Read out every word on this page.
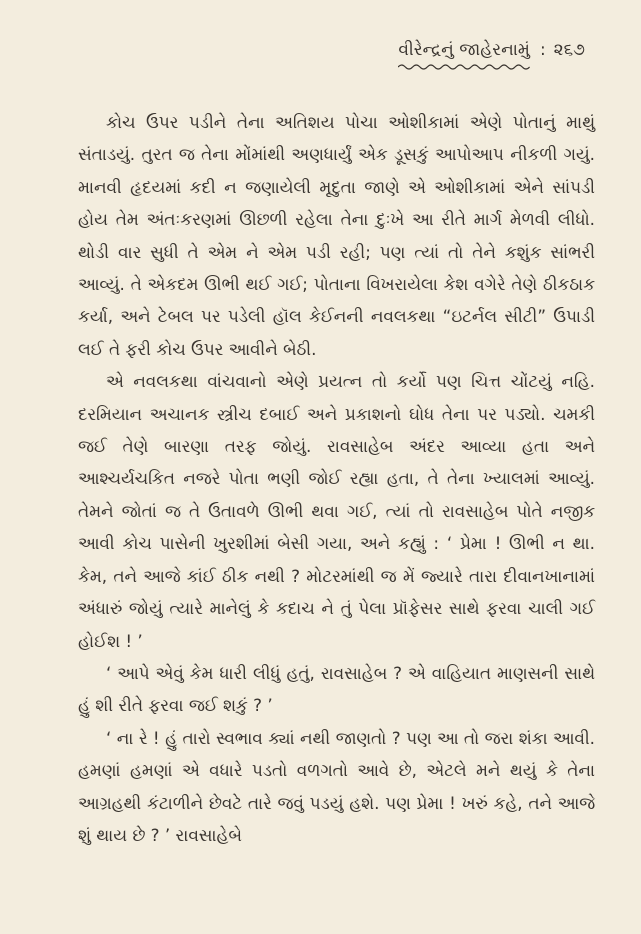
વીરેન્દ્રનું જાહેરનામું : ૨૬૭

કોચ ઉપર પડીને તેના અતિશય પોચા ઓશીકામાં એણે પોતાનું માથું સંતાડયું. તુરત જ તેના મોંમાંથી અણધાર્યું એક ડૂસકું આપોઆપ નીકળી ગયું. માનવી હૃદયમાં કદી ન જણાયેલી મૃદુતા જાણે એ ઓશીકામાં એને સાંપડી હોય તેમ અંતઃકરણમાં ઊછળી રહેલા તેના દુઃખે આ રીતે માર્ગ મેળવી લીધો. થોડી વાર સુધી તે એમ ને એમ પડી રહી; પણ ત્યાં તો તેને કશુંક સાંભરી આવ્યું. તે એકદમ ઊભી થઈ ગઈ; પોતાના વિખરાયેલા કેશ વગેરે તેણે ઠીકઠાક કર્યા, અને ટેબલ પર પડેલી હૉલ કેઈનની નવલકથા “ઇટર્નલ સીટી” ઉપાડી લઈ તે ફરી કોચ ઉપર આવીને બેઠી.

એ નવલકથા વાંચવાનો એણે પ્રયત્ન તો કર્યો પણ ચિત્ત ચોંટયું નહિ. દરમિયાન અચાનક સ્ત્રીચ દબાઈ અને પ્રકાશનો ઘોધ તેના પર પડ્યો. ચમકી જઈ તેણે બારણા તરફ જોયું. રાવસાહેબ અંદર આવ્યા હતા અને આશ્ચર્યચકિત નજરે પોતા ભણી જોઈ રહ્યા હતા, તે તેના ખ્યાલમાં આવ્યું. તેમને જોતાં જ તે ઉતાવળે ઊભી થવા ગઈ, ત્યાં તો રાવસાહેબ પોતે નજીક આવી કોચ પાસેની ખુરશીમાં બેસી ગયા, અને કહ્યું : ‘ પ્રેમા ! ઊભી ન થા. કેમ, તને આજે કાંઈ ઠીક નથી ? મોટરમાંથી જ મેં જ્યારે તારા દીવાનખાનામાં અંધારું જોયું ત્યારે માનેલું કે કદાચ ને તું પેલા પ્રૉફેસર સાથે ફરવા ચાલી ગઈ હોઈશ ! ’

‘ આપે એવું કેમ ધારી લીધું હતું, રાવસાહેબ ? એ વાહિયાત માણસની સાથે હું શી રીતે ફરવા જઈ શકું ? ’

‘ ના રે ! હું તારો સ્વભાવ ક્યાં નથી જાણતો ? પણ આ તો જરા શંકા આવી. હમણાં હમણાં એ વધારે પડતો વળગતો આવે છે, એટલે મને થયું કે તેના આગ્રહથી કંટાળીને છેવટે તારે જવું પડયું હશે. પણ પ્રેમા ! ખરું કહે, તને આજે શું થાય છે ? ’ રાવસાહેબે
